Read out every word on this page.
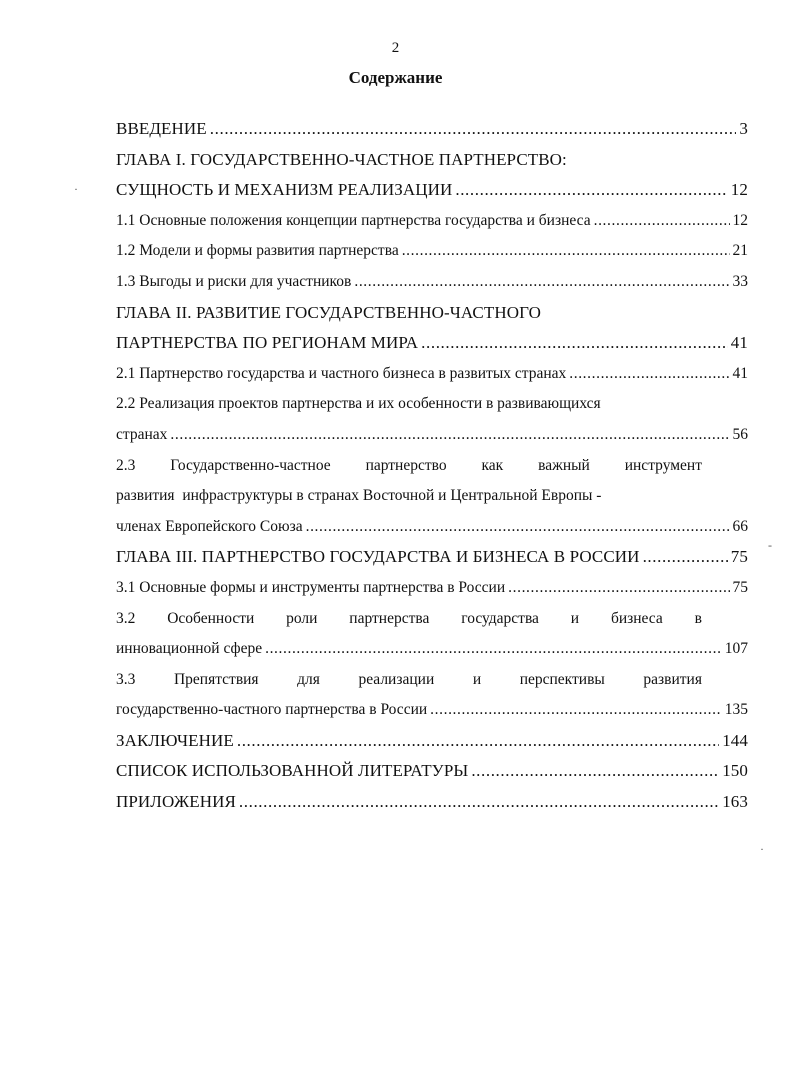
2
Содержание
ВВЕДЕНИЕ .....	3
ГЛАВА I. ГОСУДАРСТВЕННО-ЧАСТНОЕ ПАРТНЕРСТВО:
СУЩНОСТЬ И МЕХАНИЗМ РЕАЛИЗАЦИИ .....	12
1.1 Основные положения концепции партнерства государства и бизнеса .....	12
1.2 Модели и формы развития партнерства .....	21
1.3 Выгоды и риски для участников .....	33
ГЛАВА II. РАЗВИТИЕ ГОСУДАРСТВЕННО-ЧАСТНОГО
ПАРТНЕРСТВА ПО РЕГИОНАМ МИРА .....	41
2.1 Партнерство государства и частного бизнеса в развитых странах .....	41
2.2 Реализация проектов партнерства и их особенности в развивающихся
странах .....	56
2.3 Государственно-частное партнерство как важный инструмент
развития  инфраструктуры в странах Восточной и Центральной Европы -
членах Европейского Союза .....	66
ГЛАВА III. ПАРТНЕРСТВО ГОСУДАРСТВА И БИЗНЕСА В РОССИИ .....	75
3.1 Основные формы и инструменты партнерства в России .....	75
3.2 Особенности роли партнерства государства и бизнеса в
инновационной сфере .....	107
3.3 Препятствия для реализации и перспективы развития
государственно-частного партнерства в России .....	135
ЗАКЛЮЧЕНИЕ .....	144
СПИСОК ИСПОЛЬЗОВАННОЙ ЛИТЕРАТУРЫ .....	150
ПРИЛОЖЕНИЯ .....	163
·
-
·
